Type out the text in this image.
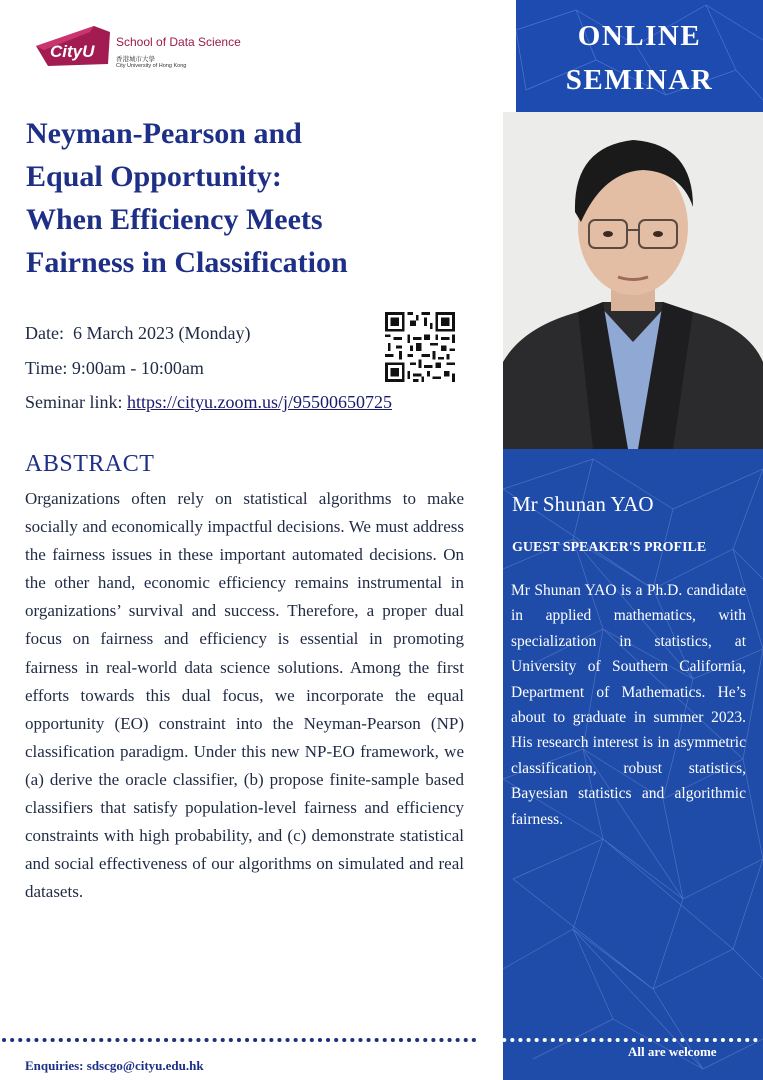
CityU School of Data Science
香港城市大學
City University of Hong Kong
Neyman-Pearson and
Equal Opportunity:
When Efficiency Meets
Fairness in Classification
Date: 6 March 2023 (Monday)
Time: 9:00am - 10:00am
Seminar link: https://cityu.zoom.us/j/95500650725
ABSTRACT

Organizations often rely on statistical algorithms to make socially and economically impactful decisions. We must address the fairness issues in these important automated decisions. On the other hand, economic efficiency remains instrumental in organizations’ survival and success. Therefore, a proper dual focus on fairness and efficiency is essential in promoting fairness in real-world data science solutions. Among the first efforts towards this dual focus, we incorporate the equal opportunity (EO) constraint into the Neyman-Pearson (NP) classification paradigm. Under this new NP-EO framework, we (a) derive the oracle classifier, (b) propose finite-sample based classifiers that satisfy population-level fairness and efficiency constraints with high probability, and (c) demonstrate statistical and social effectiveness of our algorithms on simulated and real datasets.

ONLINE
SEMINAR
Mr Shunan YAO
GUEST SPEAKER'S PROFILE

Mr Shunan YAO is a Ph.D. candidate in applied mathematics, with specialization in statistics, at University of Southern California, Department of Mathematics. He’s about to graduate in summer 2023. His research interest is in asymmetric classification, robust statistics, Bayesian statistics and algorithmic fairness.

Enquiries: sdscgo@cityu.edu.hk
All are welcome
